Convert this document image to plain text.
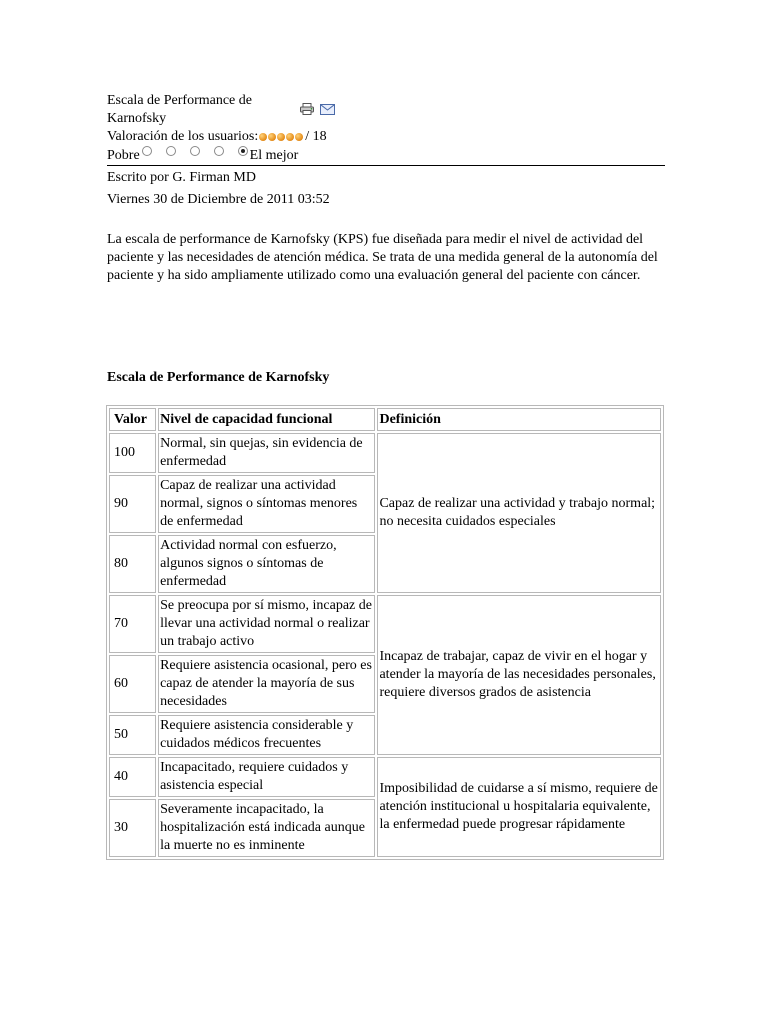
Escala de Performance de Karnofsky
Valoración de los usuarios:	/ 18
Pobre	El mejor
Escrito por G. Firman MD
Viernes 30 de Diciembre de 2011 03:52
La escala de performance de Karnofsky (KPS) fue diseñada para medir el nivel de actividad del paciente y las necesidades de atención médica. Se trata de una medida general de la autonomía del paciente y ha sido ampliamente utilizado como una evaluación general del paciente con cáncer.
Escala de Performance de Karnofsky
Valor	Nivel de capacidad funcional	Definición
100	Normal, sin quejas, sin evidencia de enfermedad	Capaz de realizar una actividad y trabajo normal; no necesita cuidados especiales
90	Capaz de realizar una actividad normal, signos o síntomas menores de enfermedad	
80	Actividad normal con esfuerzo, algunos signos o síntomas de enfermedad	
70	Se preocupa por sí mismo, incapaz de llevar una actividad normal o realizar un trabajo activo	Incapaz de trabajar, capaz de vivir en el hogar y atender la mayoría de las necesidades personales, requiere diversos grados de asistencia
60	Requiere asistencia ocasional, pero es capaz de atender la mayoría de sus necesidades	
50	Requiere asistencia considerable y cuidados médicos frecuentes	
40	Incapacitado, requiere cuidados y asistencia especial	Imposibilidad de cuidarse a sí mismo, requiere de atención institucional u hospitalaria equivalente, la enfermedad puede progresar rápidamente
30	Severamente incapacitado, la hospitalización está indicada aunque la muerte no es inminente	
